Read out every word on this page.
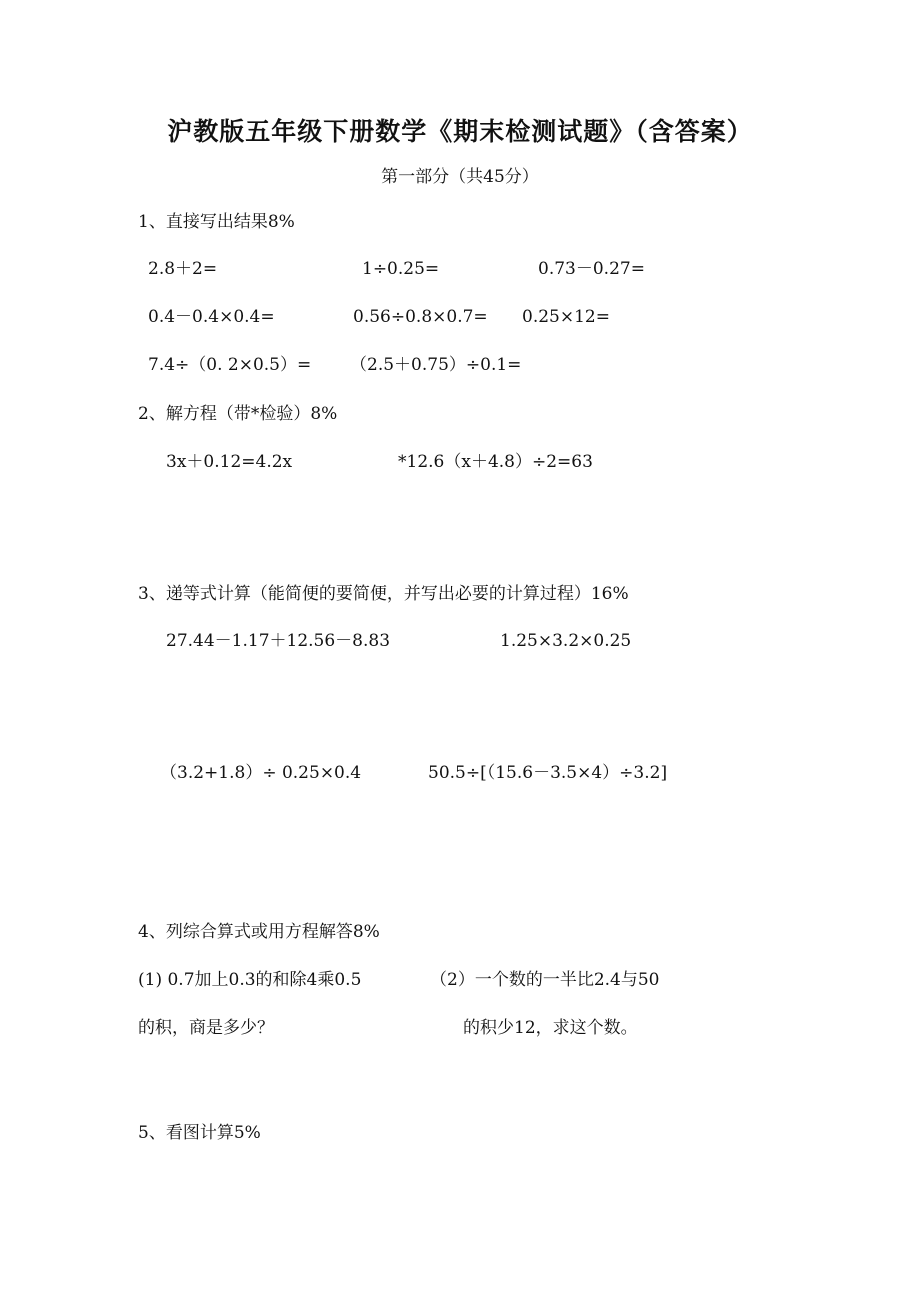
沪教版五年级下册数学《期末检测试题》（含答案）
第一部分（共45分）
1、直接写出结果8%
2.8＋2=	1÷0.25=	0.73－0.27=
0.4－0.4×0.4=	0.56÷0.8×0.7= 0.25×12=
7.4÷（0. 2×0.5）= （2.5＋0.75）÷0.1=
2、解方程（带*检验）8%
3x＋0.12=4.2x	*12.6（x＋4.8）÷2=63
3、递等式计算（能简便的要简便，并写出必要的计算过程）16%
27.44－1.17＋12.56－8.83	1.25×3.2×0.25
（3.2+1.8）÷ 0.25×0.4	50.5÷[（15.6－3.5×4）÷3.2]
4、列综合算式或用方程解答8%
(1) 0.7加上0.3的和除4乘0.5	（2）一个数的一半比2.4与50
的积，商是多少？	的积少12，求这个数。
5、看图计算5%
